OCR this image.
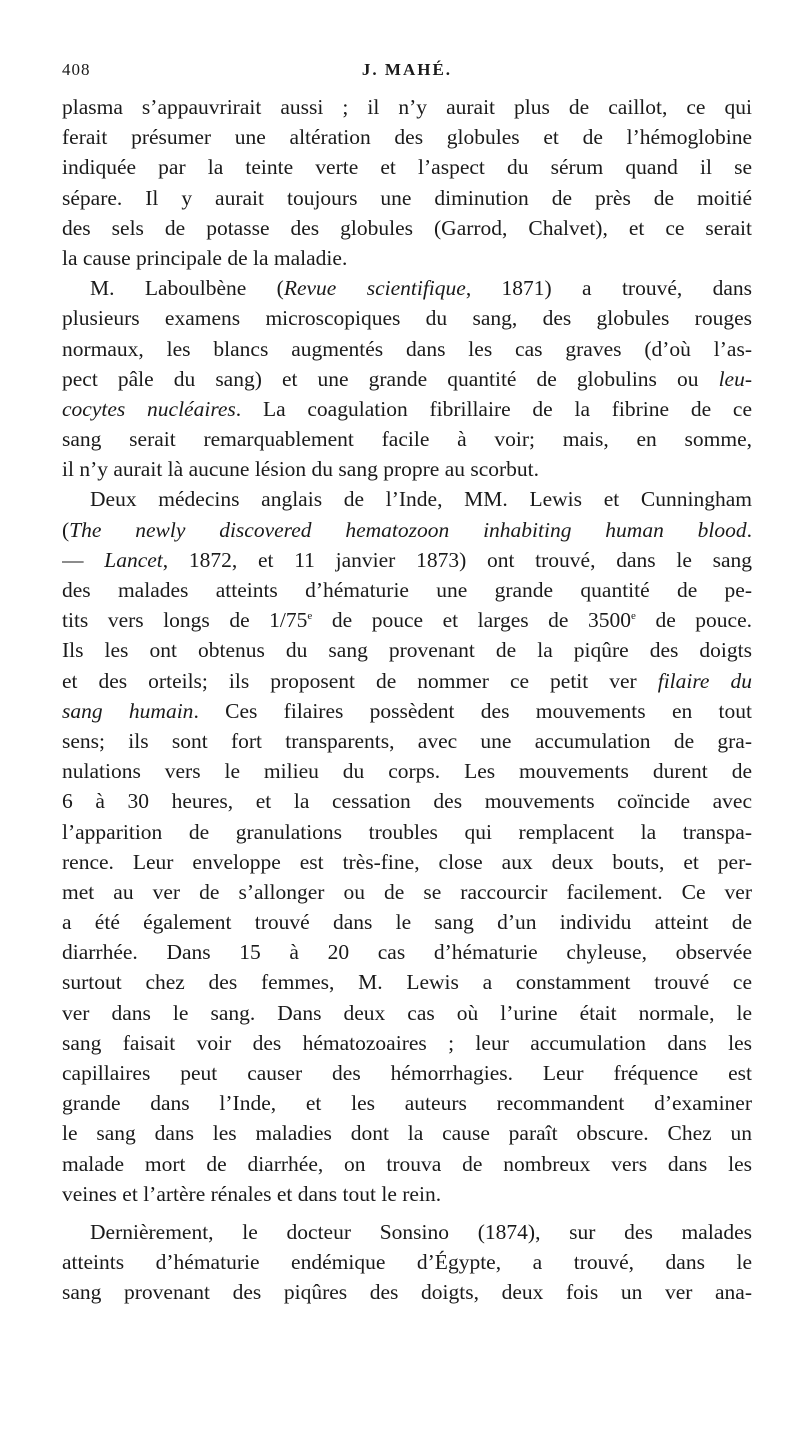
408	J. MAHÉ.
plasma s’appauvrirait aussi ; il n’y aurait plus de caillot, ce qui
ferait présumer une altération des globules et de l’hémoglobine
indiquée par la teinte verte et l’aspect du sérum quand il se
sépare. Il y aurait toujours une diminution de près de moitié
des sels de potasse des globules (Garrod, Chalvet), et ce serait
la cause principale de la maladie.
M. Laboulbène (Revue scientifique, 1871) a trouvé, dans
plusieurs examens microscopiques du sang, des globules rouges
normaux, les blancs augmentés dans les cas graves (d’où l’as-
pect pâle du sang) et une grande quantité de globulins ou leu-
cocytes nucléaires. La coagulation fibrillaire de la fibrine de ce
sang serait remarquablement facile à voir; mais, en somme,
il n’y aurait là aucune lésion du sang propre au scorbut.
Deux médecins anglais de l’Inde, MM. Lewis et Cunningham
(The newly discovered hematozoon inhabiting human blood.
— Lancet, 1872, et 11 janvier 1873) ont trouvé, dans le sang
des malades atteints d’hématurie une grande quantité de pe-
tits vers longs de 1/75e de pouce et larges de 3500e de pouce.
Ils les ont obtenus du sang provenant de la piqûre des doigts
et des orteils; ils proposent de nommer ce petit ver filaire du
sang humain. Ces filaires possèdent des mouvements en tout
sens; ils sont fort transparents, avec une accumulation de gra-
nulations vers le milieu du corps. Les mouvements durent de
6 à 30 heures, et la cessation des mouvements coïncide avec
l’apparition de granulations troubles qui remplacent la transpa-
rence. Leur enveloppe est très-fine, close aux deux bouts, et per-
met au ver de s’allonger ou de se raccourcir facilement. Ce ver
a été également trouvé dans le sang d’un individu atteint de
diarrhée. Dans 15 à 20 cas d’hématurie chyleuse, observée
surtout chez des femmes, M. Lewis a constamment trouvé ce
ver dans le sang. Dans deux cas où l’urine était normale, le
sang faisait voir des hématozoaires ; leur accumulation dans les
capillaires peut causer des hémorrhagies. Leur fréquence est
grande dans l’Inde, et les auteurs recommandent d’examiner
le sang dans les maladies dont la cause paraît obscure. Chez un
malade mort de diarrhée, on trouva de nombreux vers dans les
veines et l’artère rénales et dans tout le rein.
Dernièrement, le docteur Sonsino (1874), sur des malades
atteints d’hématurie endémique d’Égypte, a trouvé, dans le
sang provenant des piqûres des doigts, deux fois un ver ana-
